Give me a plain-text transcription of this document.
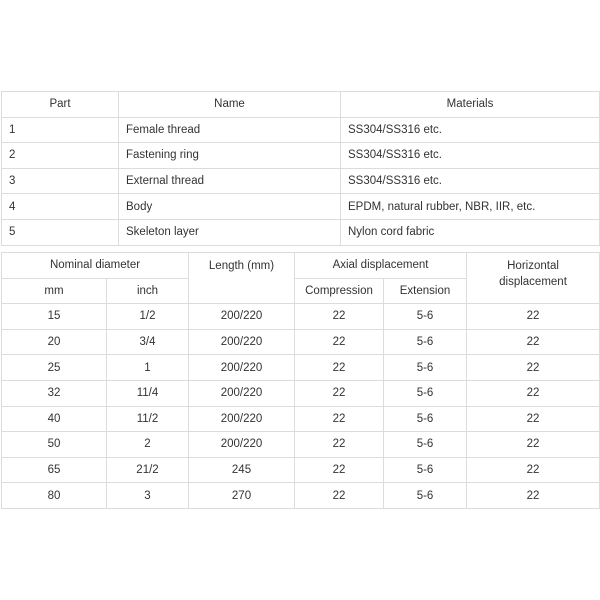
Part	Name	Materials
1	Female thread	SS304/SS316 etc.
2	Fastening ring	SS304/SS316 etc.
3	External thread	SS304/SS316 etc.
4	Body	EPDM, natural rubber, NBR, IIR, etc.
5	Skeleton layer	Nylon cord fabric
Nominal diameter		Length (mm)	Axial displacement		Horizontal displacement
mm	inch		Compression	Extension	
15	1/2	200/220	22	5-6	22
20	3/4	200/220	22	5-6	22
25	1	200/220	22	5-6	22
32	11/4	200/220	22	5-6	22
40	11/2	200/220	22	5-6	22
50	2	200/220	22	5-6	22
65	21/2	245	22	5-6	22
80	3	270	22	5-6	22
